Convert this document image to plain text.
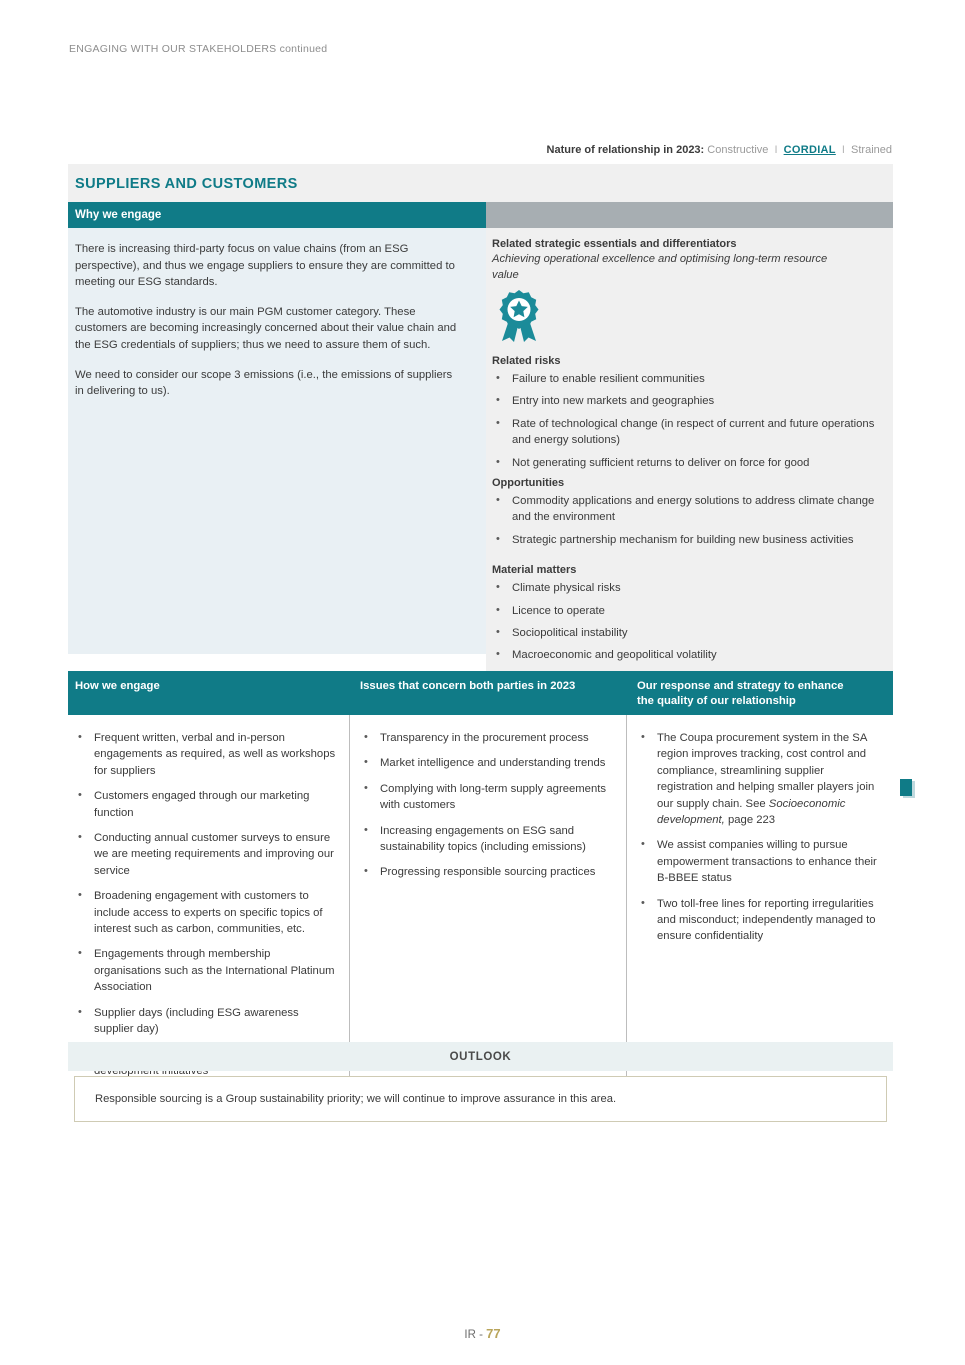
ENGAGING WITH OUR STAKEHOLDERS continued
Nature of relationship in 2023: Constructive I CORDIAL I Strained
SUPPLIERS AND CUSTOMERS
Why we engage

There is increasing third-party focus on value chains (from an ESG perspective), and thus we engage suppliers to ensure they are committed to meeting our ESG standards.

The automotive industry is our main PGM customer category. These customers are becoming increasingly concerned about their value chain and the ESG credentials of suppliers; thus we need to assure them of such.

We need to consider our scope 3 emissions (i.e., the emissions of suppliers in delivering to us).

Related strategic essentials and differentiators
Achieving operational excellence and optimising long-term resource value
Related risks
• Failure to enable resilient communities
• Entry into new markets and geographies
• Rate of technological change (in respect of current and future operations and energy solutions)
• Not generating sufficient returns to deliver on force for good
Opportunities
• Commodity applications and energy solutions to address climate change and the environment
• Strategic partnership mechanism for building new business activities
Material matters
• Climate physical risks
• Licence to operate
• Sociopolitical instability
• Macroeconomic and geopolitical volatility
How we engage	Issues that concern both parties in 2023	Our response and strategy to enhance
the quality of our relationship
• Frequent written, verbal and in-person engagements as required, as well as workshops for suppliers
• Customers engaged through our marketing function
• Conducting annual customer surveys to ensure we are meeting requirements and improving our service
• Broadening engagement with customers to include access to experts on specific topics of interest such as carbon, communities, etc.
• Engagements through membership organisations such as the International Platinum Association
• Supplier days (including ESG awareness supplier day)
•
• Transparency in the procurement process
• Market intelligence and understanding trends
• Complying with long-term supply agreements with customers
• Increasing engagements on ESG sand sustainability topics (including emissions)
• Progressing responsible sourcing practices
• The Coupa procurement system in the SA region improves tracking, cost control and compliance, streamlining supplier registration and helping smaller players join our supply chain. See Socioeconomic development, page 223
• We assist companies willing to pursue empowerment transactions to enhance their B-BBEE status
• Two toll-free lines for reporting irregularities and misconduct; independently managed to ensure confidentiality
OUTLOOK
Responsible sourcing is a Group sustainability priority; we will continue to improve assurance in this area.
IR - 77
